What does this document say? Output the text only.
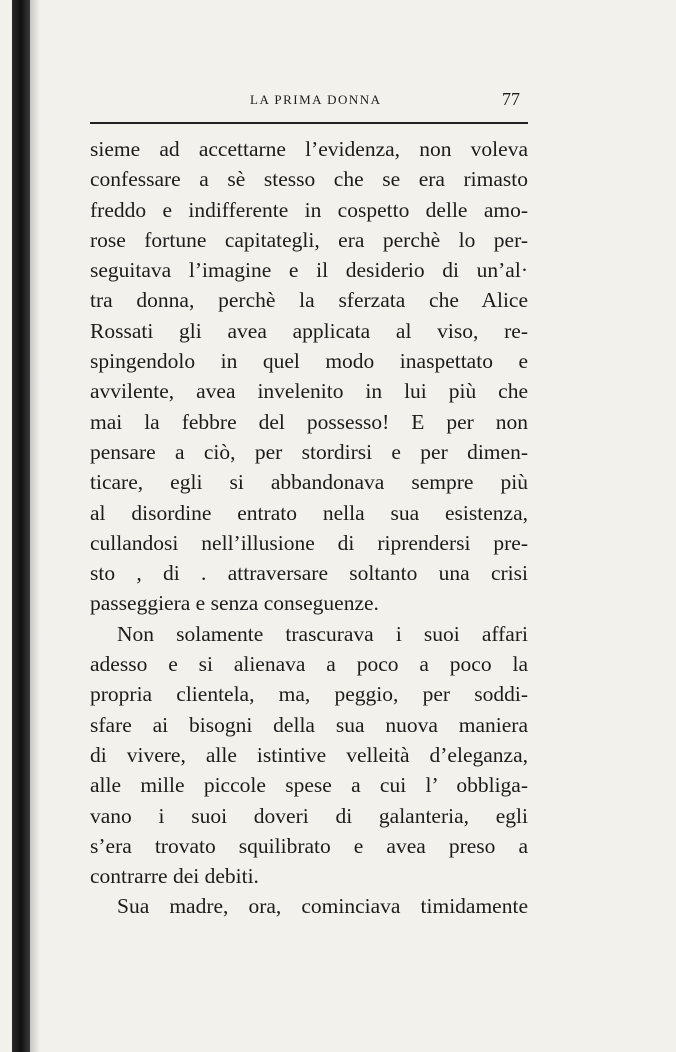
LA PRIMA DONNA	77
sieme ad accettarne l’evidenza, non voleva
confessare a sè stesso che se era rimasto
freddo e indifferente in cospetto delle amo-
rose fortune capitategli, era perchè lo per-
seguitava l’imagine e il desiderio di un’al·
tra donna, perchè la sferzata che Alice
Rossati gli avea applicata al viso, re-
spingendolo in quel modo inaspettato e
avvilente, avea invelenito in lui più che
mai la febbre del possesso! E per non
pensare a ciò, per stordirsi e per dimen-
ticare, egli si abbandonava sempre più
al disordine entrato nella sua esistenza,
cullandosi nell’illusione di riprendersi pre-
sto , di . attraversare soltanto una crisi
passeggiera e senza conseguenze.
Non solamente trascurava i suoi affari
adesso e si alienava a poco a poco la
propria clientela, ma, peggio, per soddi-
sfare ai bisogni della sua nuova maniera
di vivere, alle istintive velleità d’eleganza,
alle mille piccole spese a cui l’ obbliga-
vano i suoi doveri di galanteria, egli
s’era trovato squilibrato e avea preso a
contrarre dei debiti.
Sua madre, ora, cominciava timidamente
